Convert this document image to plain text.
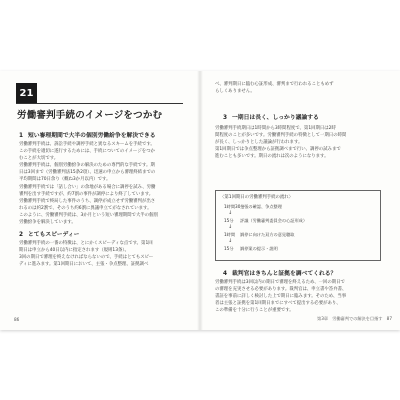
21
労働審判手続のイメージをつかむ
1 短い審理期間で大半の個別労働紛争を解決できる
労働審判手続は、訴訟手続や調停手続と異なるスキームを手続です。
この手続を適切に遂行するためには、手続についてのイメージをつか
むことが大切です。
労働審判手続は、個別労働紛争の解決のための専門的な手続です。期
日は3回まで（労働審判法15条2項）、迅速の申立から審理終結までの
平均期間は70日余り（概ね3か月以内）です。
労働審判手続では「話し合い」の余地がある場合に調停を試み、労働
審判を出す手続ですが、約7割の事件が調停により終了しています。
労働審判手続で終局した事件のうち、調停が成立せず労働審判が出さ
れるのは約2割で、そのうち約6割に異議申立てがなされています。
このように、労働審判手続は、3か月という短い審理期間で大半の個別
労働紛争を解決しています。
2 とてもスピーディー
労働審判手続の一番の特徴は、とにかくスピーディな点です。第1回
期日は申立から40日以内に指定されます（規則13条）。
3回の期日で審理を終えなければならないので、手続はとてもスピー
ディに進みます。第1回期日において、主張・争点整理、証拠調べ
86
べ、審判期日に臨む心証形成、審判まで行われることもめず
らしくありません。
3 一期日は長く、しっかり議論する
労働審判手続期日は1時間から3時間程度で、第1回期日は2時
間程度のことが多いです。労働審判手続の特徴として一期日の時間
が長く、しっかりとした議論が行われます。
第1回期日では争点整理から証拠調べまで行い、調停の試みまで
進むことも多いです。期日の流れは次のようになります。
〈第1回期日の労働審判手続の流れ〉
1時間30分主張の確認、争点整理
↓
15分 評議（労働審判委員会の心証形成）
↓
1時間 調停に向けた双方の意見聴取
↓
15分 調停案の提示・説明
4 裁判官はきちんと証拠を調べてくれる？
労働審判手続は3回以内の期日で審理を終えるため、一回の期日で
の審理を充実させる必要があります。裁判官は、申立書や答弁書、
書証を事前に詳しく検討した上で期日に臨みます。そのため、当事
者は主張と証拠を第1回期日までにすべて提出する必要があり、
この準備を十分に行うことが重要です。
第3章　労働審判での解決を目指す　87
